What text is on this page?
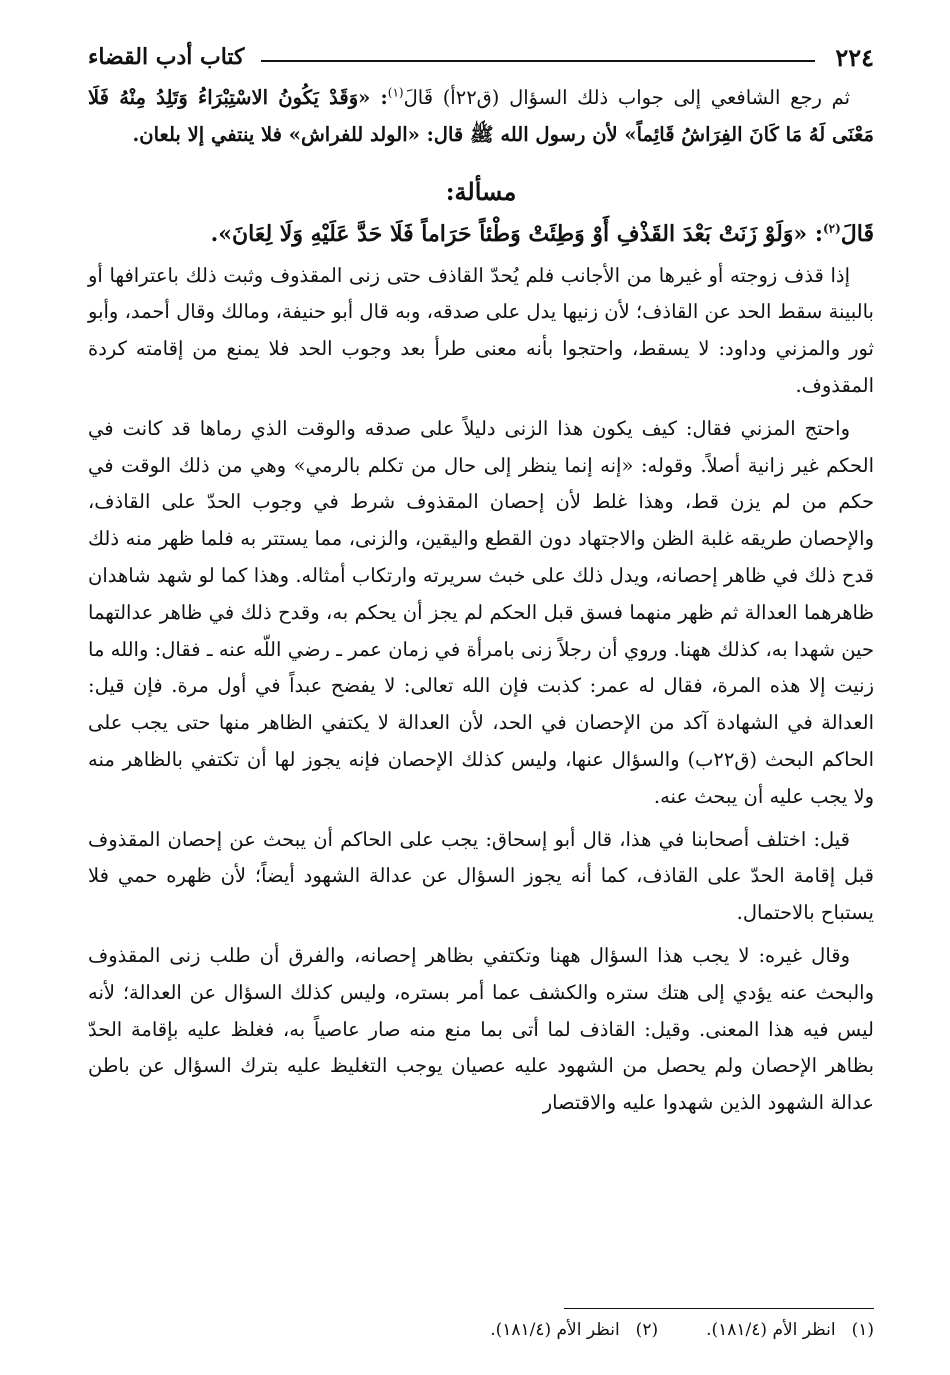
٢٢٤
كتاب أدب القضاء

ثم رجع الشافعي إلى جواب ذلك السؤال (ق٢٢أ) قَالَ$^{(١)}$: «وَقَدْ يَكُونُ الاسْتِبْرَاءُ وَتَلِدُ مِنْهُ فَلَا مَعْنَى لَهُ مَا كَانَ الفِرَاشُ قَائِماً» لأن رسول الله ﷺ قال: «الولد للفراش» فلا ينتفي إلا بلعان.

مسألة:

قَالَ$^{(٢)}$: «وَلَوْ زَنَتْ بَعْدَ القَذْفِ أَوْ وَطِئَتْ وَطْئاً حَرَاماً فَلَا حَدَّ عَلَيْهِ وَلَا لِعَانَ».

إذا قذف زوجته أو غيرها من الأجانب فلم يُحدّ القاذف حتى زنى المقذوف وثبت ذلك باعترافها أو بالبينة سقط الحد عن القاذف؛ لأن زنيها يدل على صدقه، وبه قال أبو حنيفة، ومالك وقال أحمد، وأبو ثور والمزني وداود: لا يسقط، واحتجوا بأنه معنى طرأ بعد وجوب الحد فلا يمنع من إقامته كردة المقذوف.

واحتج المزني فقال: كيف يكون هذا الزنى دليلاً على صدقه والوقت الذي رماها قد كانت في الحكم غير زانية أصلاً. وقوله: «إنه إنما ينظر إلى حال من تكلم بالرمي» وهي من ذلك الوقت في حكم من لم يزن قط، وهذا غلط لأن إحصان المقذوف شرط في وجوب الحدّ على القاذف، والإحصان طريقه غلبة الظن والاجتهاد دون القطع واليقين، والزنى، مما يستتر به فلما ظهر منه ذلك قدح ذلك في ظاهر إحصانه، ويدل ذلك على خبث سريرته وارتكاب أمثاله. وهذا كما لو شهد شاهدان ظاهرهما العدالة ثم ظهر منهما فسق قبل الحكم لم يجز أن يحكم به، وقدح ذلك في ظاهر عدالتهما حين شهدا به، كذلك ههنا. وروي أن رجلاً زنى بامرأة في زمان عمر ـ رضي اللّه عنه ـ فقال: والله ما زنيت إلا هذه المرة، فقال له عمر: كذبت فإن الله تعالى: لا يفضح عبداً في أول مرة. فإن قيل: العدالة في الشهادة آكد من الإحصان في الحد، لأن العدالة لا يكتفي الظاهر منها حتى يجب على الحاكم البحث (ق٢٢ب) والسؤال عنها، وليس كذلك الإحصان فإنه يجوز لها أن تكتفي بالظاهر منه ولا يجب عليه أن يبحث عنه.

قيل: اختلف أصحابنا في هذا، قال أبو إسحاق: يجب على الحاكم أن يبحث عن إحصان المقذوف قبل إقامة الحدّ على القاذف، كما أنه يجوز السؤال عن عدالة الشهود أيضاً؛ لأن ظهره حمي فلا يستباح بالاحتمال.

وقال غيره: لا يجب هذا السؤال ههنا وتكتفي بظاهر إحصانه، والفرق أن طلب زنى المقذوف والبحث عنه يؤدي إلى هتك ستره والكشف عما أمر بستره، وليس كذلك السؤال عن العدالة؛ لأنه ليس فيه هذا المعنى. وقيل: القاذف لما أتى بما منع منه صار عاصياً به، فغلظ عليه بإقامة الحدّ بظاهر الإحصان ولم يحصل من الشهود عليه عصيان يوجب التغليظ عليه بترك السؤال عن باطن عدالة الشهود الذين شهدوا عليه والاقتصار

(١)
انظر الأم (١٨١/٤).
(٢)
انظر الأم (١٨١/٤).
